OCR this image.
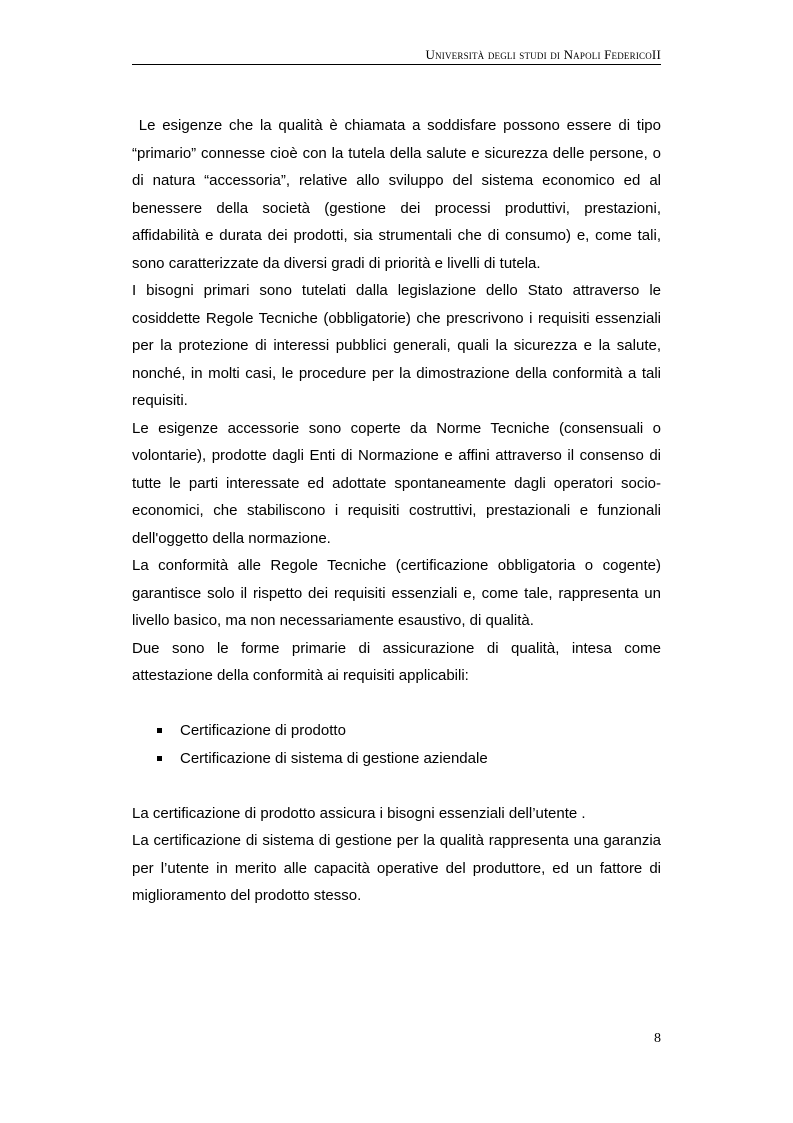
Università degli studi di Napoli FedericoII

Le esigenze che la qualità è chiamata a soddisfare possono essere di tipo “primario” connesse cioè con la tutela della salute e sicurezza delle persone, o di natura “accessoria”, relative allo sviluppo del sistema economico ed al benessere della società (gestione dei processi produttivi, prestazioni, affidabilità e durata dei prodotti, sia strumentali che di consumo) e, come tali, sono caratterizzate da diversi gradi di priorità e livelli di tutela.

I bisogni primari sono tutelati dalla legislazione dello Stato attraverso le cosiddette Regole Tecniche (obbligatorie) che prescrivono i requisiti essenziali per la protezione di interessi pubblici generali, quali la sicurezza e la salute, nonché, in molti casi, le procedure per la dimostrazione della conformità a tali requisiti.

Le esigenze accessorie sono coperte da Norme Tecniche (consensuali o volontarie), prodotte dagli Enti di Normazione e affini attraverso il consenso di tutte le parti interessate ed adottate spontaneamente dagli operatori socio-economici, che stabiliscono i requisiti costruttivi, prestazionali e funzionali dell'oggetto della normazione.

La conformità alle Regole Tecniche (certificazione obbligatoria o cogente) garantisce solo il rispetto dei requisiti essenziali e, come tale, rappresenta un livello basico, ma non necessariamente esaustivo, di qualità.

Due sono le forme primarie di assicurazione di qualità, intesa come attestazione della conformità ai requisiti applicabili:

Certificazione di prodotto
Certificazione di sistema di gestione aziendale

La certificazione di prodotto assicura i bisogni essenziali dell’utente .

La certificazione di sistema di gestione per la qualità rappresenta una garanzia per l’utente in merito alle capacità operative del produttore, ed un fattore di miglioramento del prodotto stesso.

8
